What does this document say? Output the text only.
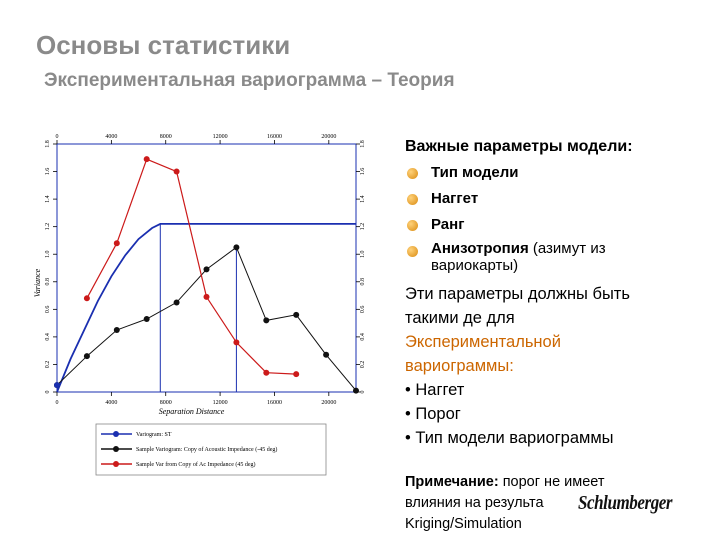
Основы статистики
Экспериментальная вариограмма – Теория
0
0
4000
4000
8000
8000
12000
12000
16000
16000
20000
20000
0	0
0.2	0.2
0.4	0.4
0.6	0.6
0.8	0.8
1.0	1.0
1.2	1.2
1.4	1.4
1.6	1.6
1.8	1.8
Separation Distance
Variance
Variogram: ST
Sample Variogram: Copy of Acoustic Impedance (-45 deg)
Sample Var from Copy of Ac Impedance (45 deg)
Важные параметры модели:
Тип модели
Наггет
Ранг
Анизотропия (азимут из
вариокарты)
Эти параметры должны быть
такими де для
Экспериментальной
вариограммы:
• Наггет
• Порог
• Тип модели вариограммы
Примечание: порог не имеет
влияния на результа
Kriging/Simulation
Schlumberger
